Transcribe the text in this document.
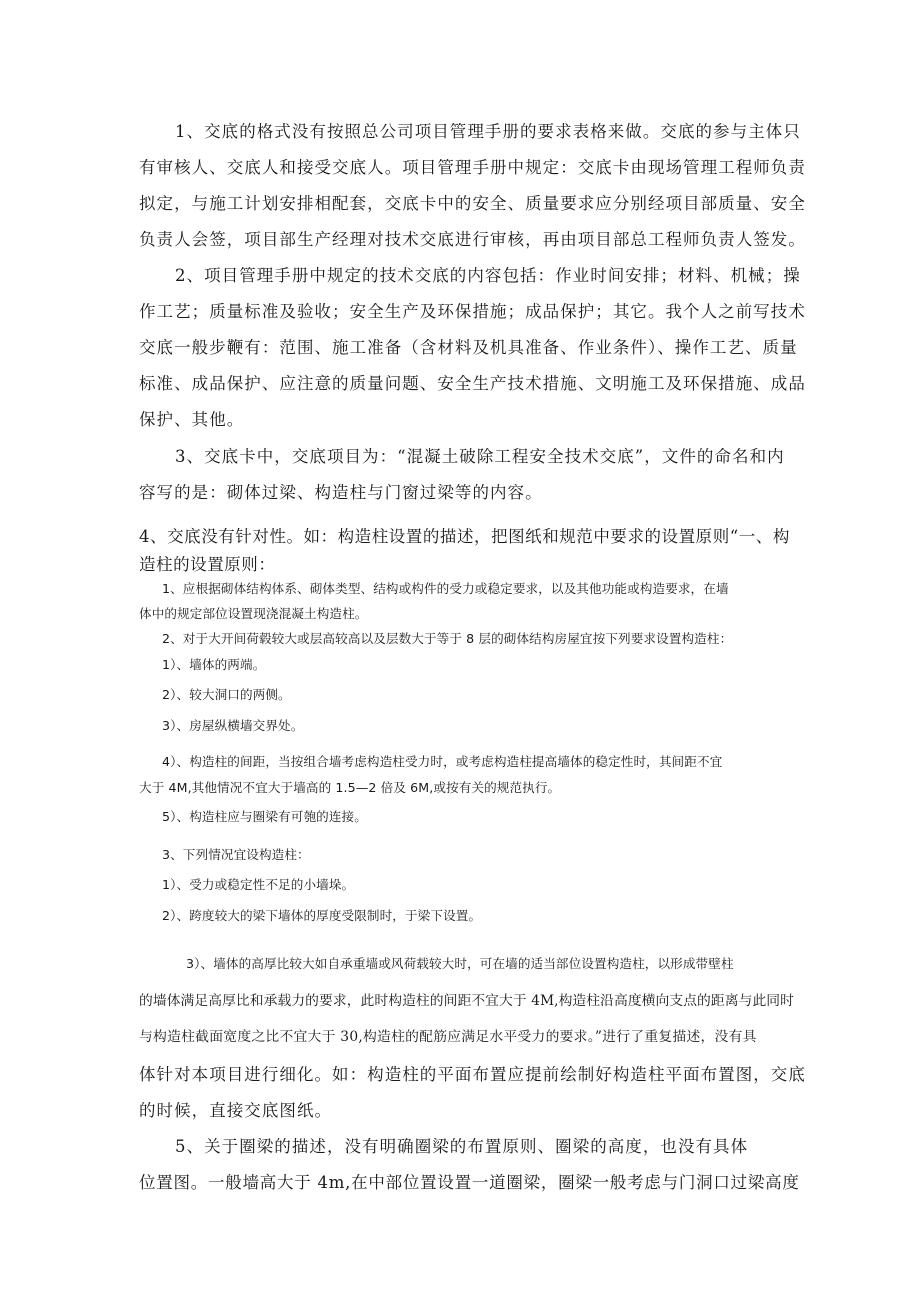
1、交底的格式没有按照总公司项目管理手册的要求表格来做。交底的参与主体只

有审核人、交底人和接受交底人。项目管理手册中规定：交底卡由现场管理工程师负责

拟定，与施工计划安排相配套，交底卡中的安全、质量要求应分别经项目部质量、安全

负责人会签，项目部生产经理对技术交底进行审核，再由项目部总工程师负责人签发。

2、项目管理手册中规定的技术交底的内容包括：作业时间安排；材料、机械；操

作工艺；质量标准及验收；安全生产及环保措施；成品保护；其它。我个人之前写技术

交底一般步鞭有：范围、施工准备（含材料及机具准备、作业条件）、操作工艺、质量

标准、成品保护、应注意的质量问题、安全生产技术措施、文明施工及环保措施、成品

保护、其他。

3、交底卡中，交底项目为：“混凝土破除工程安全技术交底”，文件的命名和内

容写的是：砌体过梁、构造柱与门窗过梁等的内容。

4、交底没有针对性。如：构造柱设置的描述，把图纸和规范中要求的设置原则“一、构

造柱的设置原则：

1、应根据砌体结构体系、砌体类型、结构或构件的受力或稳定要求，以及其他功能或构造要求，在墙

体中的规定部位设置现浇混凝土构造柱。

2、对于大开间荷毂较大或层高较高以及层数大于等于 8 层的砌体结构房屋宜按下列要求设置构造柱：

1）、墙体的两端。

2）、较大洞口的两侧。

3）、房屋纵横墙交界处。

4）、构造柱的间距，当按组合墙考虑构造柱受力时，或考虑构造柱提高墙体的稳定性时，其间距不宜

大于 4M,其他情况不宜大于墙高的 1.5—2 倍及 6M,或按有关的规范执行。

5）、构造柱应与圈梁有可匏的连接。

3、下列情况宜设构造柱：

1）、受力或稳定性不足的小墙垛。

2）、跨度较大的梁下墙体的厚度受限制时，于梁下设置。

3）、墙体的高厚比较大如自承重墙或风荷载较大时，可在墙的适当部位设置构造柱，以形成带壁柱

的墙体满足高厚比和承载力的要求，此时构造柱的间距不宜大于 4M,构造柱沿高度横向支点的距离与此同时

与构造柱截面宽度之比不宜大于 30,构造柱的配筋应满足水平受力的要求。”进行了重复描述，没有具

体针对本项目进行细化。如：构造柱的平面布置应提前绘制好构造柱平面布置图，交底

的时候，直接交底图纸。

5、关于圈梁的描述，没有明确圈梁的布置原则、圈梁的高度，也没有具体

位置图。一般墙高大于 4m,在中部位置设置一道圈梁，圈梁一般考虑与门洞口过梁高度
